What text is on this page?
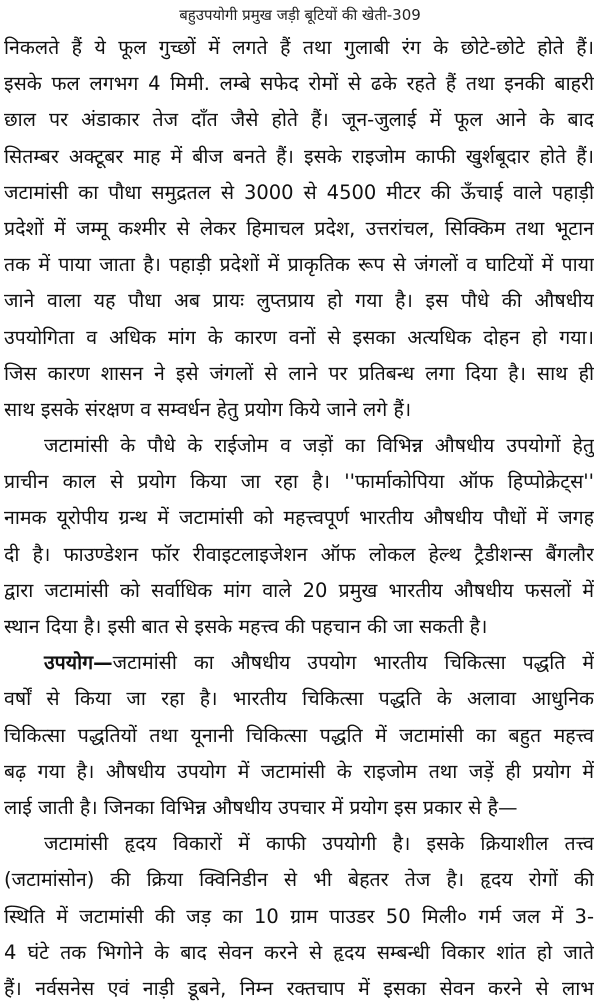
बहुउपयोगी प्रमुख जड़ी बूटियों की खेती-309
निकलते हैं ये फूल गुच्छों में लगते हैं तथा गुलाबी रंग के छोटे-छोटे होते हैं।
इसके फल लगभग 4 मिमी. लम्बे सफेद रोमों से ढके रहते हैं तथा इनकी बाहरी
छाल पर अंडाकार तेज दाँत जैसे होते हैं। जून-जुलाई में फूल आने के बाद
सितम्बर अक्टूबर माह में बीज बनते हैं। इसके राइजोम काफी खुर्शबूदार होते हैं।
जटामांसी का पौधा समुद्रतल से 3000 से 4500 मीटर की ऊँचाई वाले पहाड़ी
प्रदेशों में जम्मू कश्मीर से लेकर हिमाचल प्रदेश, उत्तरांचल, सिक्किम तथा भूटान
तक में पाया जाता है। पहाड़ी प्रदेशों में प्राकृतिक रूप से जंगलों व घाटियों में पाया
जाने वाला यह पौधा अब प्रायः लुप्तप्राय हो गया है। इस पौधे की औषधीय
उपयोगिता व अधिक मांग के कारण वनों से इसका अत्यधिक दोहन हो गया।
जिस कारण शासन ने इसे जंगलों से लाने पर प्रतिबन्ध लगा दिया है। साथ ही
साथ इसके संरक्षण व सम्वर्धन हेतु प्रयोग किये जाने लगे हैं।
जटामांसी के पौधे के राईजोम व जड़ों का विभिन्न औषधीय उपयोगों हेतु
प्राचीन काल से प्रयोग किया जा रहा है। ''फार्माकोपिया ऑफ हिप्पोक्रेट्स''
नामक यूरोपीय ग्रन्थ में जटामांसी को महत्त्वपूर्ण भारतीय औषधीय पौधों में जगह
दी है। फाउण्डेशन फॉर रीवाइटलाइजेशन ऑफ लोकल हेल्थ ट्रैडीशन्स बैंगलौर
द्वारा जटामांसी को सर्वाधिक मांग वाले 20 प्रमुख भारतीय औषधीय फसलों में
स्थान दिया है। इसी बात से इसके महत्त्व की पहचान की जा सकती है।
उपयोग—जटामांसी का औषधीय उपयोग भारतीय चिकित्सा पद्धति में
वर्षों से किया जा रहा है। भारतीय चिकित्सा पद्धति के अलावा आधुनिक
चिकित्सा पद्धतियों तथा यूनानी चिकित्सा पद्धति में जटामांसी का बहुत महत्त्व
बढ़ गया है। औषधीय उपयोग में जटामांसी के राइजोम तथा जड़ें ही प्रयोग में
लाई जाती है। जिनका विभिन्न औषधीय उपचार में प्रयोग इस प्रकार से है—
जटामांसी हृदय विकारों में काफी उपयोगी है। इसके क्रियाशील तत्त्व
(जटामांसोन) की क्रिया क्विनिडीन से भी बेहतर तेज है। हृदय रोगों की
स्थिति में जटामांसी की जड़ का 10 ग्राम पाउडर 50 मिली० गर्म जल में 3-
4 घंटे तक भिगोने के बाद सेवन करने से हृदय सम्बन्धी विकार शांत हो जाते
हैं। नर्वसनेस एवं नाड़ी डूबने, निम्न रक्तचाप में इसका सेवन करने से लाभ
